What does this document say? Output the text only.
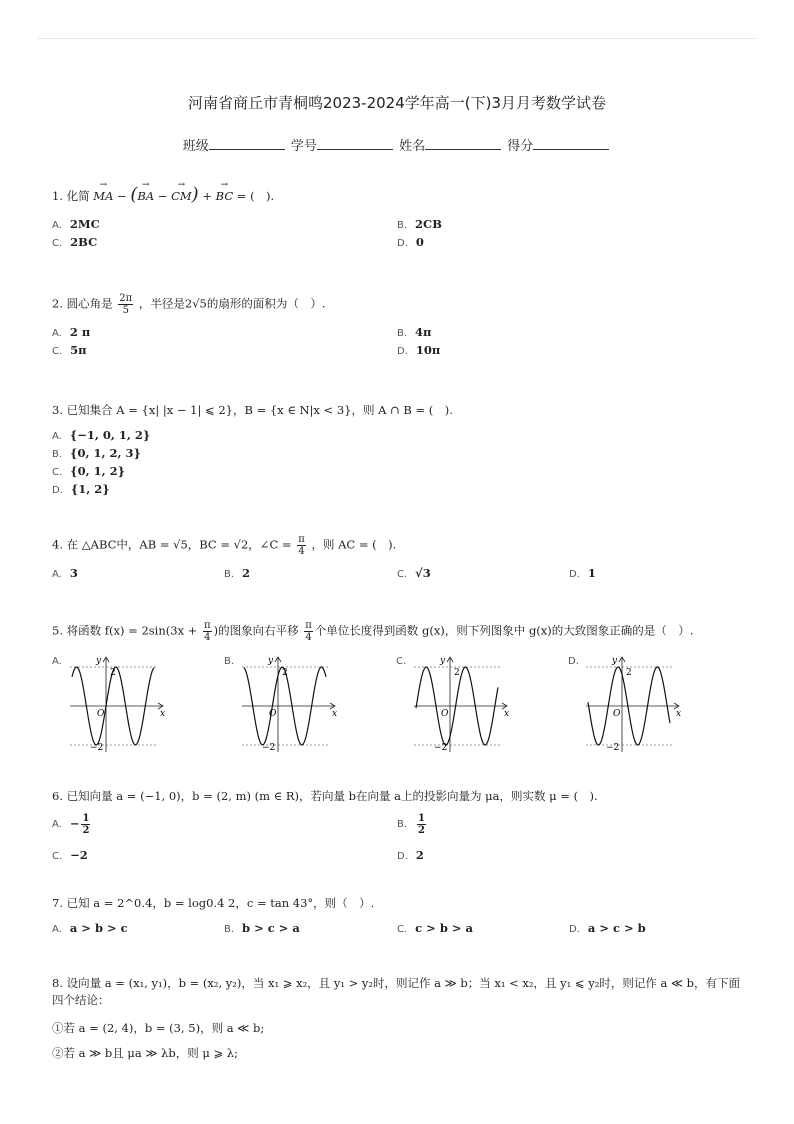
河南省商丘市青桐鸣2023-2024学年高一(下)3月月考数学试卷
班级	学号	姓名	得分
1. 化简 → MA − (→ BA − → CM) + → BC = (　).
A. 2MC	B. 2CB
C. 2BC	D. 0
2. 圆心角是 $\frac{2\pi}{5}$ ，半径是2√5的扇形的面积为（　）.
A. 2 π	B. 4π
C. 5π	D. 10π
3. 已知集合 A = {x| |x − 1| ⩽ 2}，B = {x ∈ N|x < 3}，则 A ∩ B = (　).
A. {−1, 0, 1, 2}
B. {0, 1, 2, 3}
C. {0, 1, 2}
D. {1, 2}
4. 在 △ABC中，AB = √5，BC = √2，∠C = $\frac{\pi}{4}$ ，则 AC = (　).
A. 3	B. 2	C. √3	D. 1
5. 将函数 $f(x) = 2\sin(3x + \frac{\pi}{4}$ )的图象向右平移 $\frac{\pi}{4}$ 个单位长度得到函数 g(x)，则下列图象中 g(x)的大致图象正确的是（　）.
A.
2
−2
O	x
y	B.
2
−2
O	x
y	C.
2
−2
O	x
y	D.
2
−2
O	x
y
6. 已知向量 a = (−1, 0)，b = (2, m) (m ∈ R)，若向量 b在向量 a上的投影向量为 μa，则实数 μ = (　).
A. − $\frac{1}{2}$	B. $\frac{1}{2}$
C. −2	D. 2
7. 已知 a = 2^0.4，b = log0.4 2，c = tan 43°，则（　）.
A. a > b > c	B. b > c > a	C. c > b > a	D. a > c > b
8. 设向量 a = (x₁, y₁)，b = (x₂, y₂)，当 x₁ ⩾ x₂，且 y₁ > y₂时，则记作 a ≫ b；当 x₁ < x₂，且 y₁ ⩽ y₂时，则记作 a ≪ b，有下面四个结论：
①若 a = (2, 4)，b = (3, 5)，则 a ≪ b;
②若 a ≫ b且 μa ≫ λb，则 μ ⩾ λ;
